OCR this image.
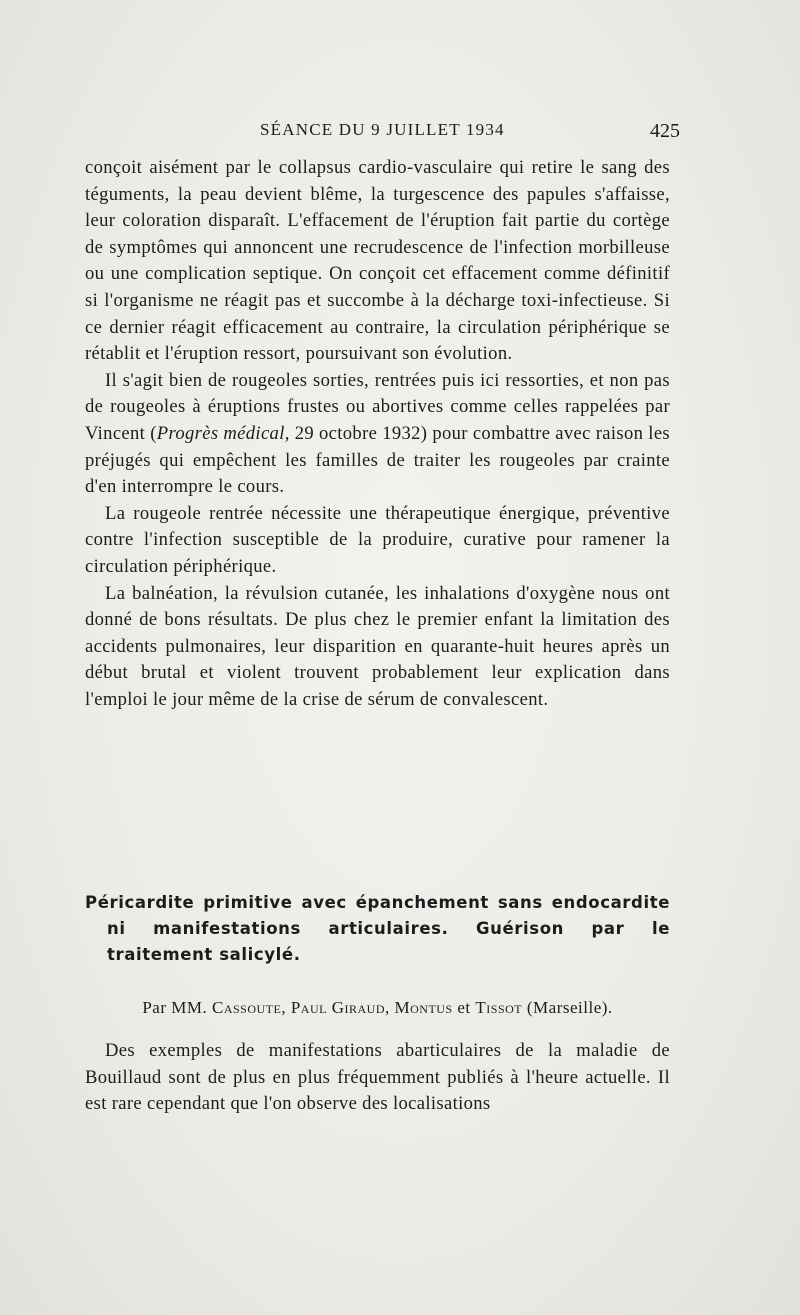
SÉANCE DU 9 JUILLET 1934	425

conçoit aisément par le collapsus cardio-vasculaire qui retire le sang des téguments, la peau devient blême, la turgescence des papules s'affaisse, leur coloration disparaît. L'effacement de l'éruption fait partie du cortège de symptômes qui annoncent une recrudescence de l'infection morbilleuse ou une complication septique. On conçoit cet effacement comme définitif si l'organisme ne réagit pas et succombe à la décharge toxi-infectieuse. Si ce dernier réagit efficacement au contraire, la circulation périphérique se rétablit et l'éruption ressort, poursuivant son évolution.

Il s'agit bien de rougeoles sorties, rentrées puis ici ressorties, et non pas de rougeoles à éruptions frustes ou abortives comme celles rappelées par Vincent (Progrès médical, 29 octobre 1932) pour combattre avec raison les préjugés qui empêchent les familles de traiter les rougeoles par crainte d'en interrompre le cours.

La rougeole rentrée nécessite une thérapeutique énergique, préventive contre l'infection susceptible de la produire, curative pour ramener la circulation périphérique.

La balnéation, la révulsion cutanée, les inhalations d'oxygène nous ont donné de bons résultats. De plus chez le premier enfant la limitation des accidents pulmonaires, leur disparition en quarante-huit heures après un début brutal et violent trouvent probablement leur explication dans l'emploi le jour même de la crise de sérum de convalescent.

Péricardite primitive avec épanchement sans endocardite ni manifestations articulaires. Guérison par le traitement salicylé.

Par MM. Cassoute, Paul Giraud, Montus et Tissot (Marseille).

Des exemples de manifestations abarticulaires de la maladie de Bouillaud sont de plus en plus fréquemment publiés à l'heure actuelle. Il est rare cependant que l'on observe des localisations
